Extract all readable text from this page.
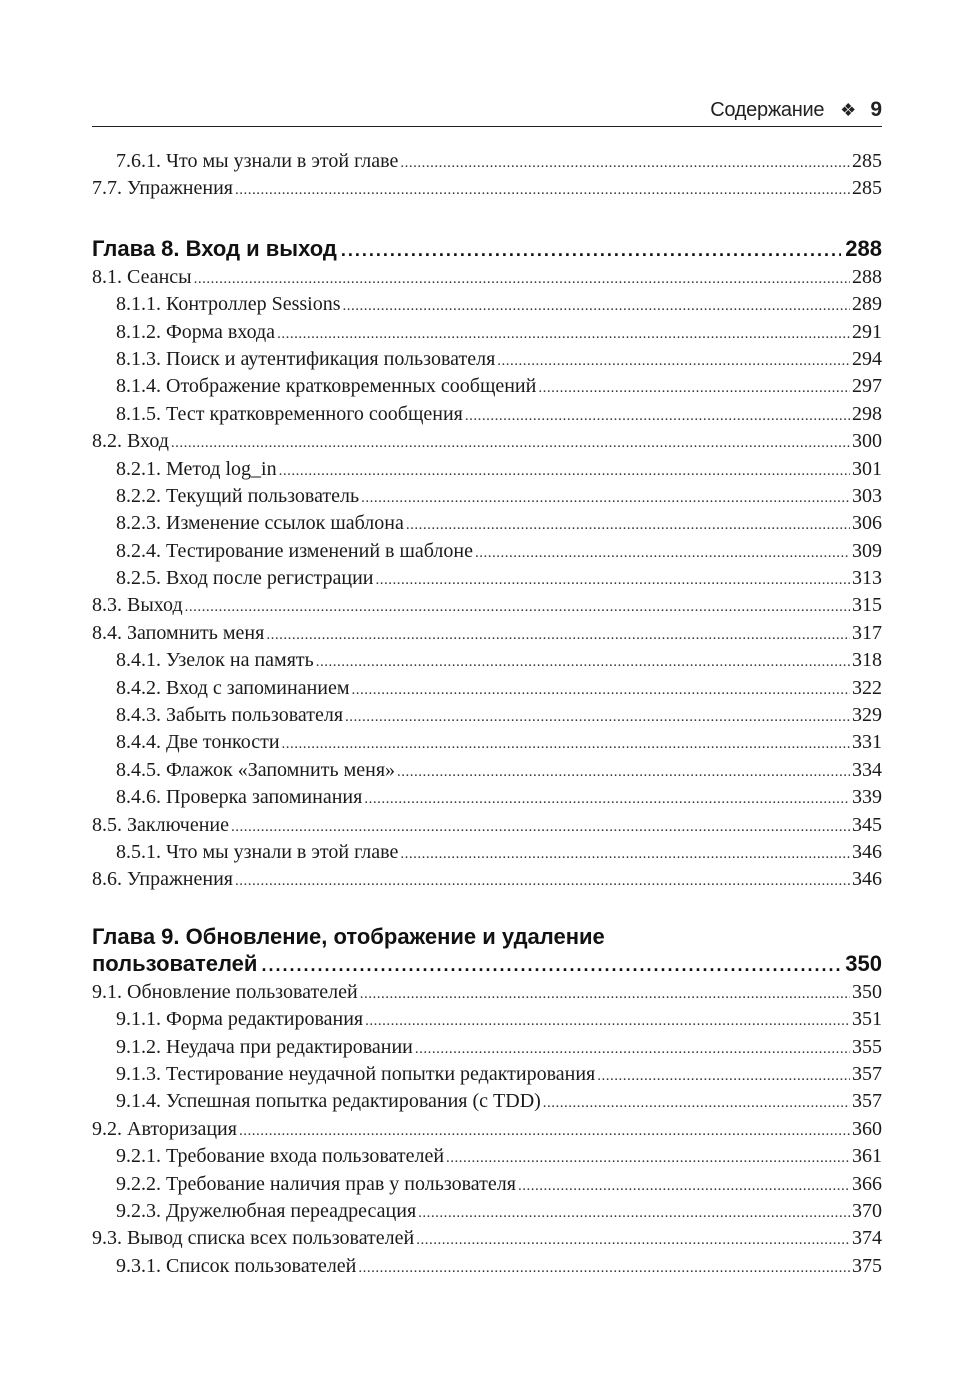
Содержание ❖ 9
7.6.1. Что мы узнали в этой главе .....	285
7.7. Упражнения .....	285
Глава 8. Вход и выход .....	288
8.1. Сеансы .....	288
8.1.1. Контроллер Sessions .....	289
8.1.2. Форма входа .....	291
8.1.3. Поиск и аутентификация пользователя .....	294
8.1.4. Отображение кратковременных сообщений .....	297
8.1.5. Тест кратковременного сообщения .....	298
8.2. Вход .....	300
8.2.1. Метод log_in .....	301
8.2.2. Текущий пользователь .....	303
8.2.3. Изменение ссылок шаблона .....	306
8.2.4. Тестирование изменений в шаблоне .....	309
8.2.5. Вход после регистрации .....	313
8.3. Выход .....	315
8.4. Запомнить меня .....	317
8.4.1. Узелок на память .....	318
8.4.2. Вход с запоминанием .....	322
8.4.3. Забыть пользователя .....	329
8.4.4. Две тонкости .....	331
8.4.5. Флажок «Запомнить меня» .....	334
8.4.6. Проверка запоминания .....	339
8.5. Заключение .....	345
8.5.1. Что мы узнали в этой главе .....	346
8.6. Упражнения .....	346
Глава 9. Обновление, отображение и удаление
пользователей .....	350
9.1. Обновление пользователей .....	350
9.1.1. Форма редактирования .....	351
9.1.2. Неудача при редактировании .....	355
9.1.3. Тестирование неудачной попытки редактирования .....	357
9.1.4. Успешная попытка редактирования (с TDD) .....	357
9.2. Авторизация .....	360
9.2.1. Требование входа пользователей .....	361
9.2.2. Требование наличия прав у пользователя .....	366
9.2.3. Дружелюбная переадресация .....	370
9.3. Вывод списка всех пользователей .....	374
9.3.1. Список пользователей .....	375
